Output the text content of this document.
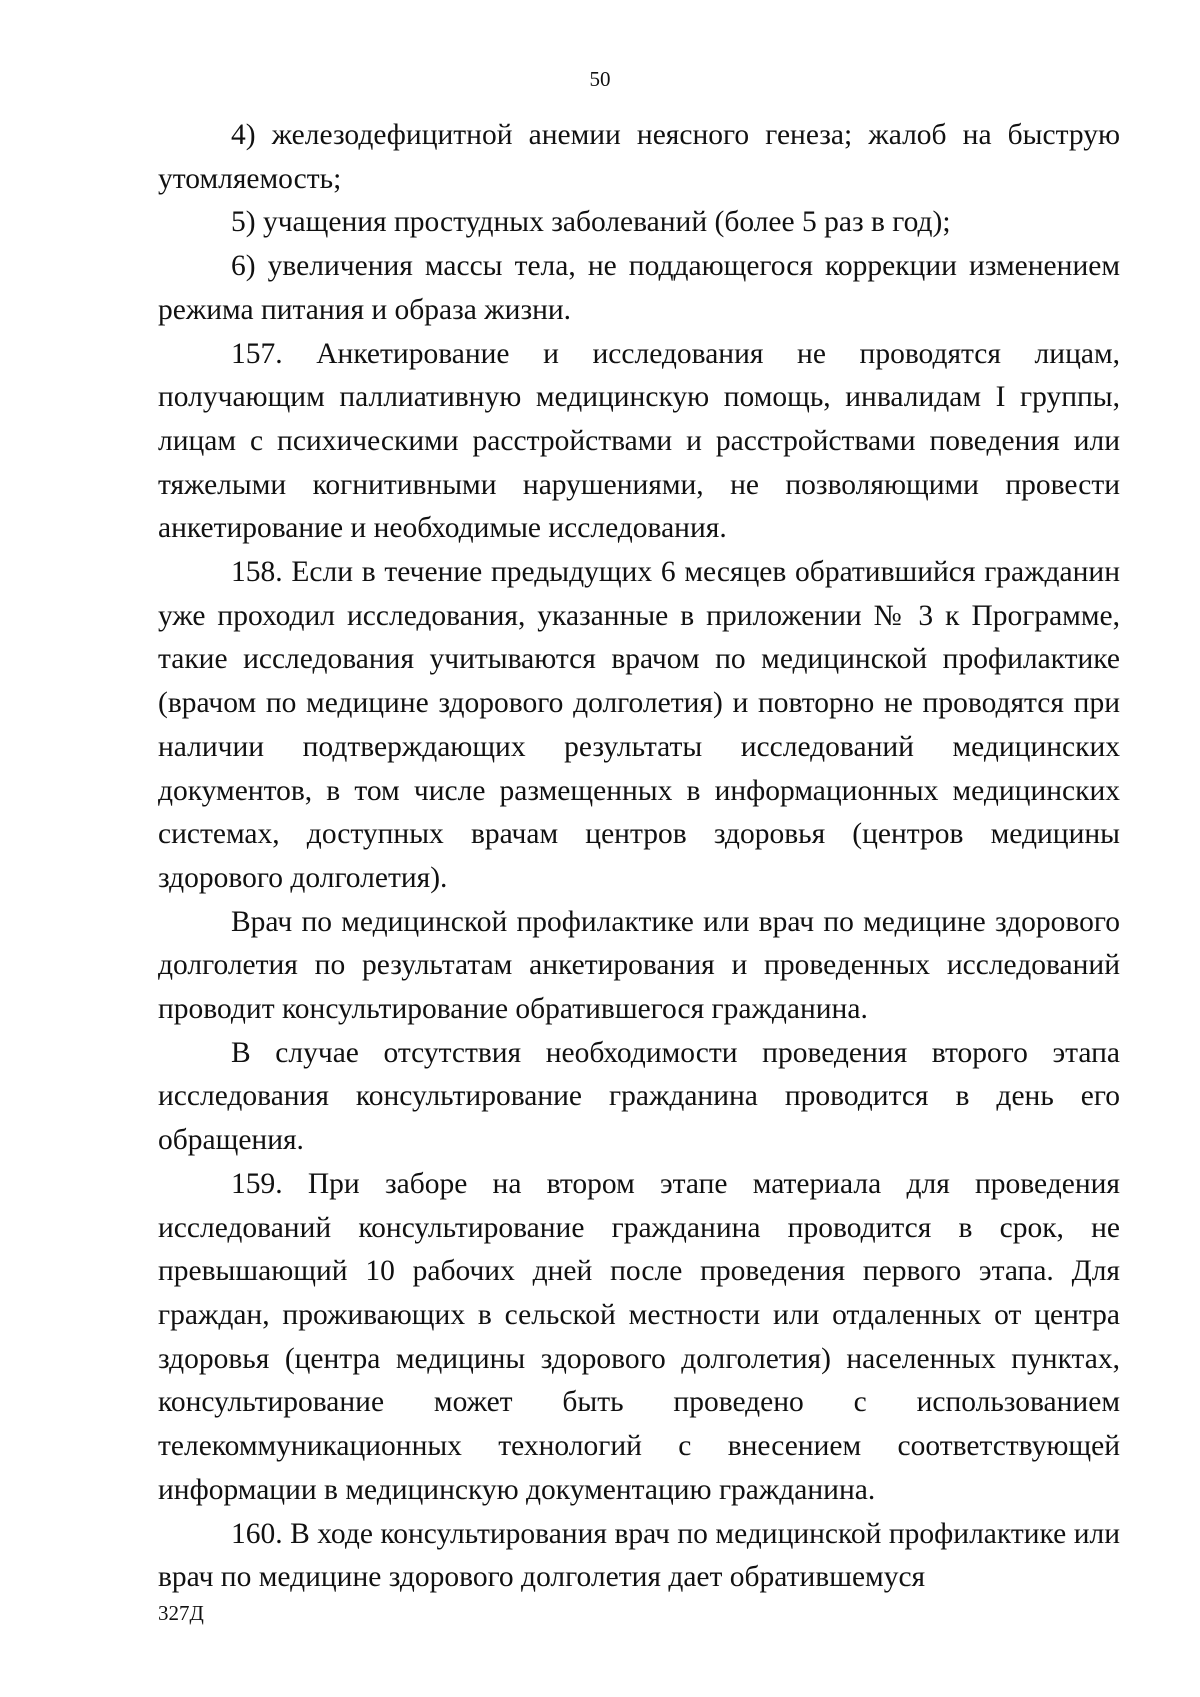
50

4) железодефицитной анемии неясного генеза; жалоб на быструю утомляемость;

5) учащения простудных заболеваний (более 5 раз в год);

6) увеличения массы тела, не поддающегося коррекции изменением режима питания и образа жизни.

157. Анкетирование и исследования не проводятся лицам, получающим паллиативную медицинскую помощь, инвалидам I группы, лицам с психическими расстройствами и расстройствами поведения или тяжелыми когнитивными нарушениями, не позволяющими провести анкетирование и необходимые исследования.

158. Если в течение предыдущих 6 месяцев обратившийся гражданин уже проходил исследования, указанные в приложении № 3 к Программе, такие исследования учитываются врачом по медицинской профилактике (врачом по медицине здорового долголетия) и повторно не проводятся при наличии подтверждающих результаты исследований медицинских документов, в том числе размещенных в информационных медицинских системах, доступных врачам центров здоровья (центров медицины здорового долголетия).

Врач по медицинской профилактике или врач по медицине здорового долголетия по результатам анкетирования и проведенных исследований проводит консультирование обратившегося гражданина.

В случае отсутствия необходимости проведения второго этапа исследования консультирование гражданина проводится в день его обращения.

159. При заборе на втором этапе материала для проведения исследований консультирование гражданина проводится в срок, не превышающий 10 рабочих дней после проведения первого этапа. Для граждан, проживающих в сельской местности или отдаленных от центра здоровья (центра медицины здорового долголетия) населенных пунктах, консультирование может быть проведено с использованием телекоммуникационных технологий с внесением соответствующей информации в медицинскую документацию гражданина.

160. В ходе консультирования врач по медицинской профилактике или врач по медицине здорового долголетия дает обратившемуся

327Д
